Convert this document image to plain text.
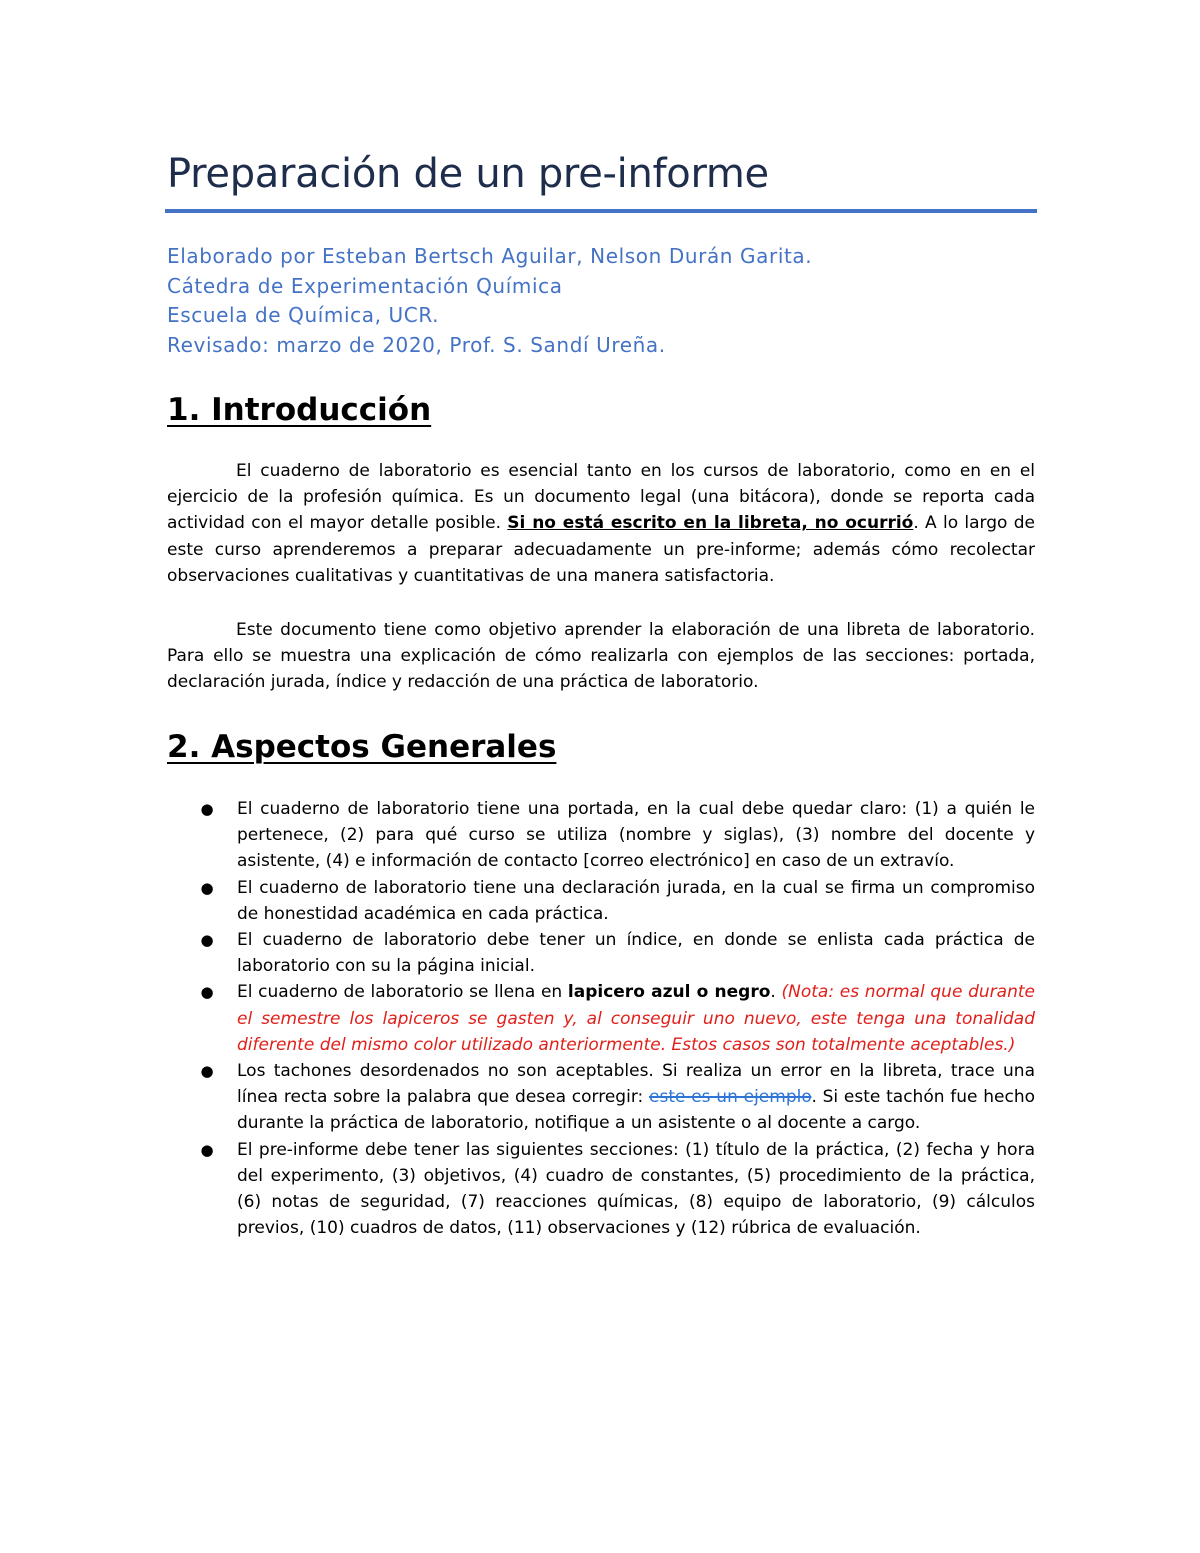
Preparación de un pre-informe
Elaborado por Esteban Bertsch Aguilar, Nelson Durán Garita.
Cátedra de Experimentación Química
Escuela de Química, UCR.
Revisado: marzo de 2020, Prof. S. Sandí Ureña.
1. Introducción

El cuaderno de laboratorio es esencial tanto en los cursos de laboratorio, como en en el ejercicio de la profesión química. Es un documento legal (una bitácora), donde se reporta cada actividad con el mayor detalle posible. Si no está escrito en la libreta, no ocurrió. A lo largo de este curso aprenderemos a preparar adecuadamente un pre-informe; además cómo recolectar observaciones cualitativas y cuantitativas de una manera satisfactoria.

Este documento tiene como objetivo aprender la elaboración de una libreta de laboratorio. Para ello se muestra una explicación de cómo realizarla con ejemplos de las secciones: portada, declaración jurada, índice y redacción de una práctica de laboratorio.

2. Aspectos Generales
● El cuaderno de laboratorio tiene una portada, en la cual debe quedar claro: (1) a quién le pertenece, (2) para qué curso se utiliza (nombre y siglas), (3) nombre del docente y asistente, (4) e información de contacto [correo electrónico] en caso de un extravío.
● El cuaderno de laboratorio tiene una declaración jurada, en la cual se firma un compromiso de honestidad académica en cada práctica.
● El cuaderno de laboratorio debe tener un índice, en donde se enlista cada práctica de laboratorio con su la página inicial.
● El cuaderno de laboratorio se llena en lapicero azul o negro. (Nota: es normal que durante el semestre los lapiceros se gasten y, al conseguir uno nuevo, este tenga una tonalidad diferente del mismo color utilizado anteriormente. Estos casos son totalmente aceptables.)
● Los tachones desordenados no son aceptables. Si realiza un error en la libreta, trace una línea recta sobre la palabra que desea corregir: este es un ejemplo. Si este tachón fue hecho durante la práctica de laboratorio, notifique a un asistente o al docente a cargo.
● El pre-informe debe tener las siguientes secciones: (1) título de la práctica, (2) fecha y hora del experimento, (3) objetivos, (4) cuadro de constantes, (5) procedimiento de la práctica, (6) notas de seguridad, (7) reacciones químicas, (8) equipo de laboratorio, (9) cálculos previos, (10) cuadros de datos, (11) observaciones y (12) rúbrica de evaluación.
